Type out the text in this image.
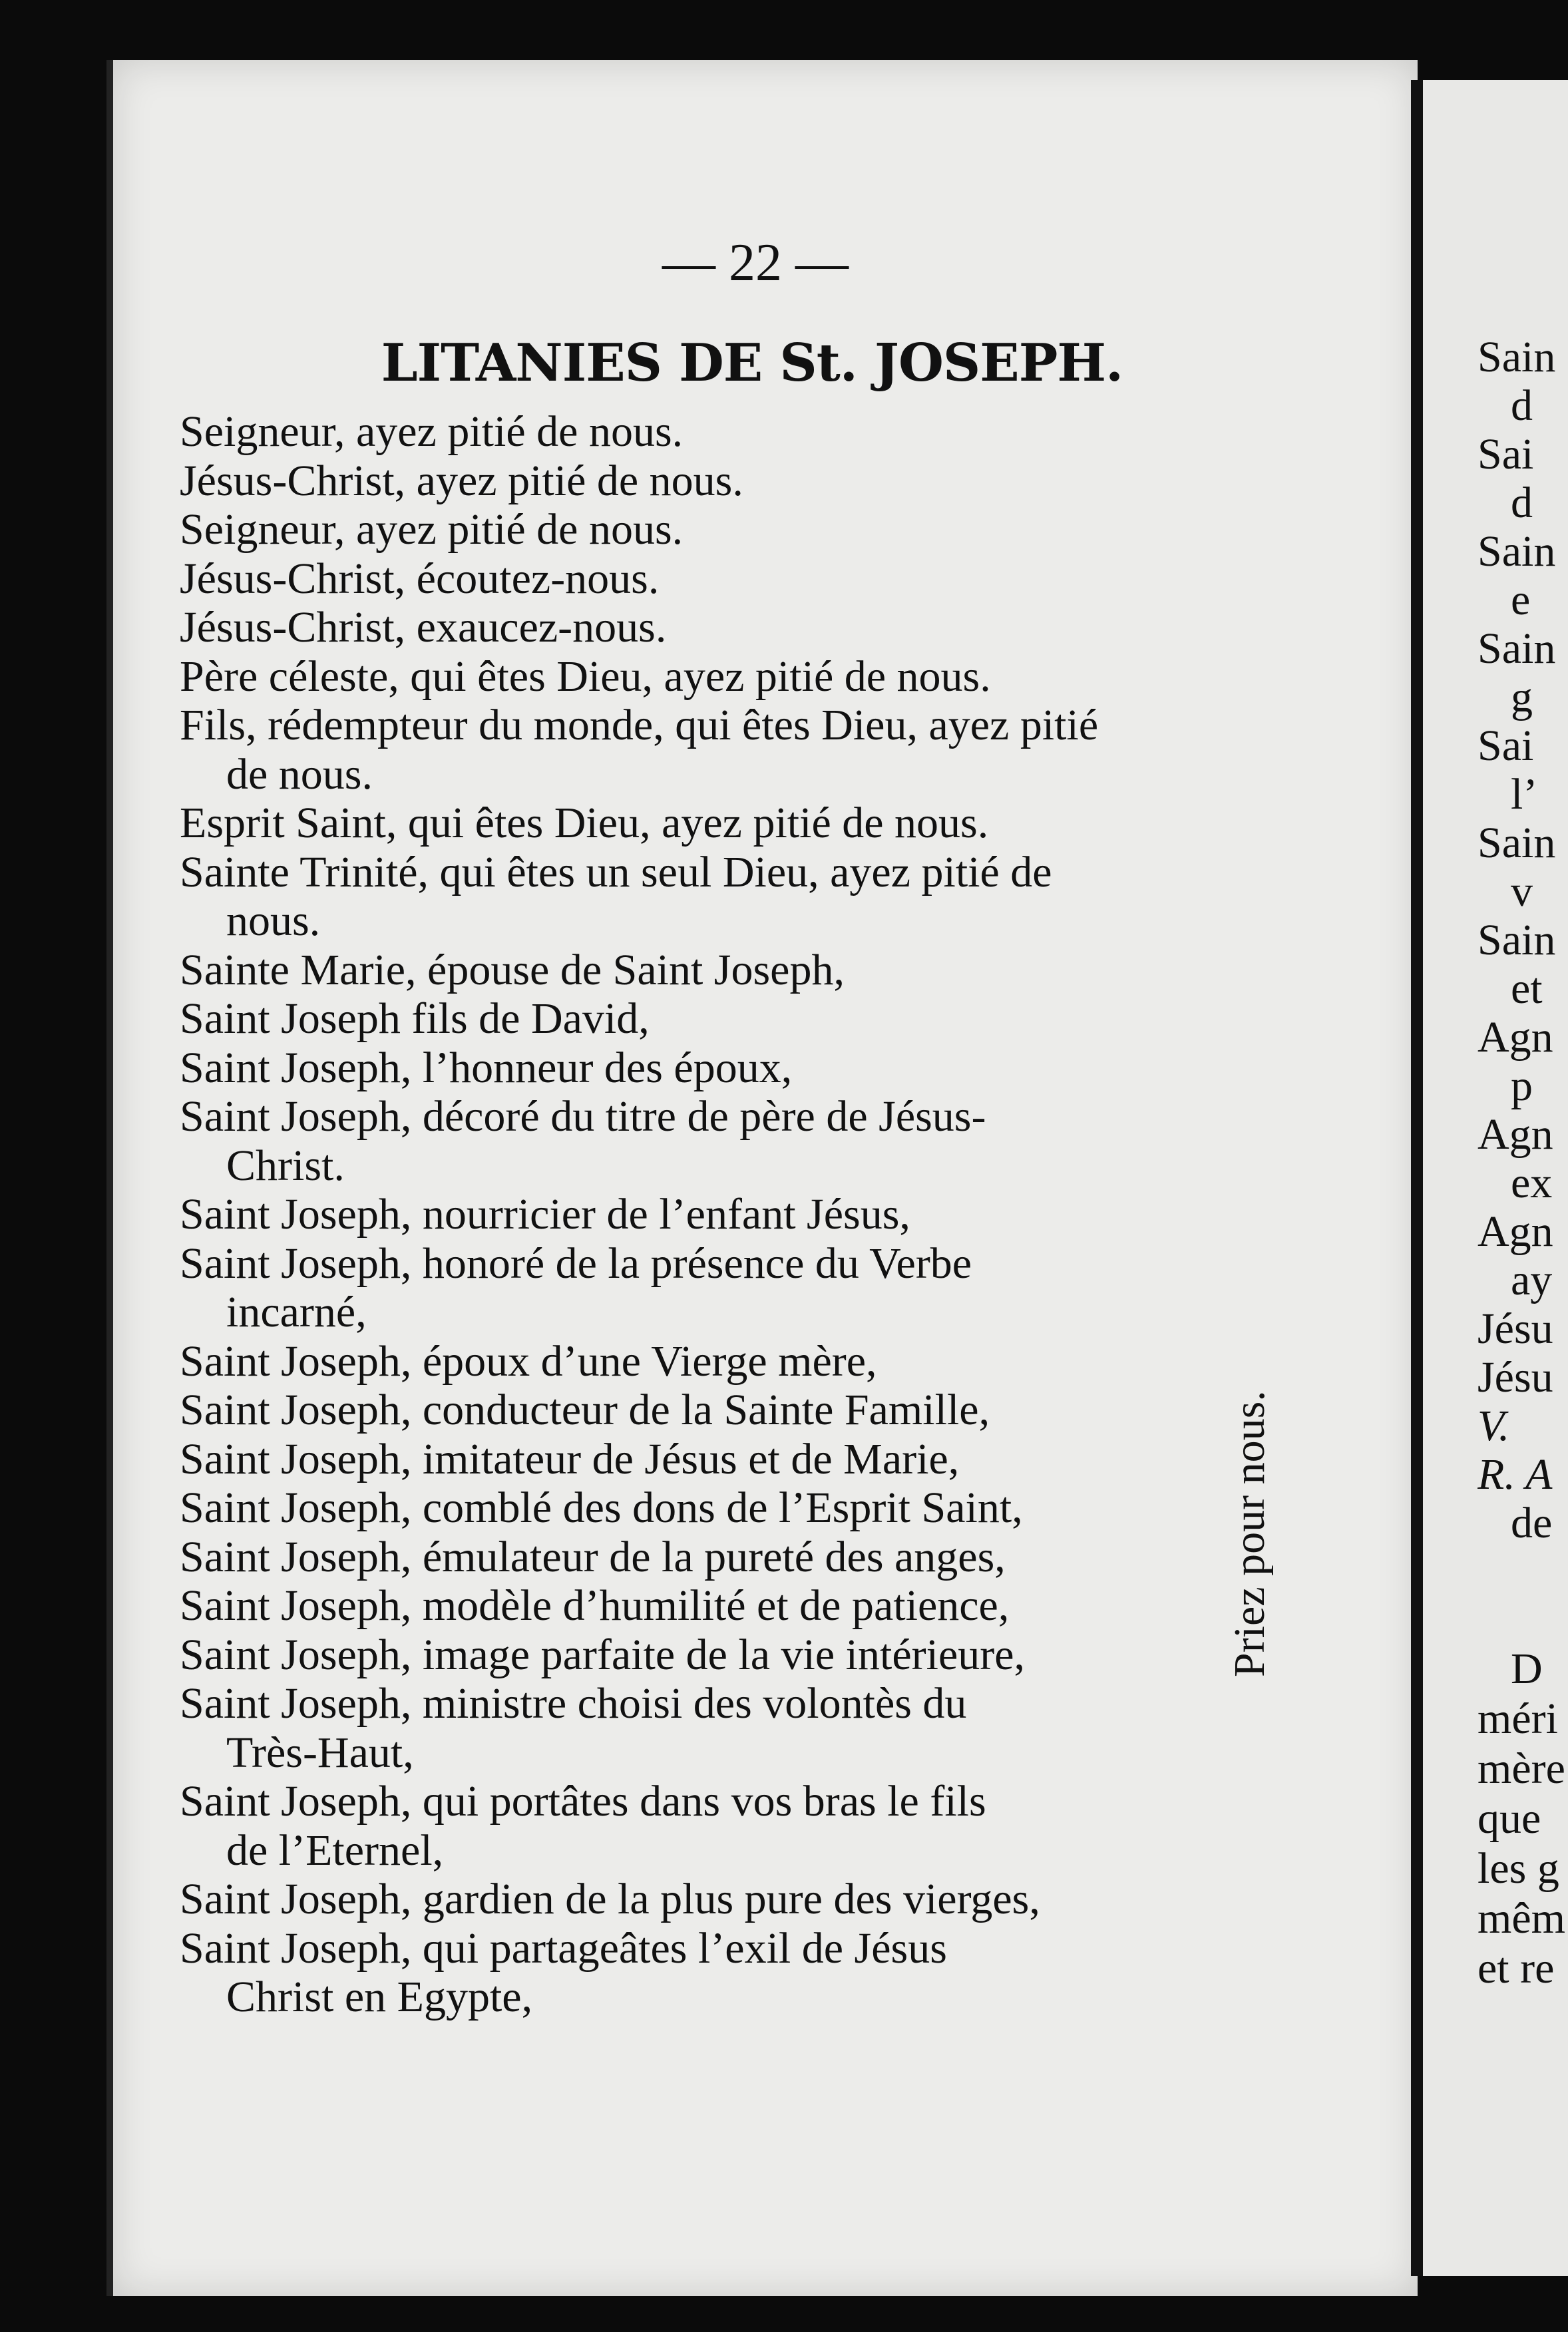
— 22 —
LITANIES DE St. JOSEPH.
Seigneur, ayez pitié de nous.
Jésus-Christ, ayez pitié de nous.
Seigneur, ayez pitié de nous.
Jésus-Christ, écoutez-nous.
Jésus-Christ, exaucez-nous.
Père céleste, qui êtes Dieu, ayez pitié de nous.
Fils, rédempteur du monde, qui êtes Dieu, ayez pitié
de nous.
Esprit Saint, qui êtes Dieu, ayez pitié de nous.
Sainte Trinité, qui êtes un seul Dieu, ayez pitié de
nous.
Sainte Marie, épouse de Saint Joseph,
Saint Joseph fils de David,
Saint Joseph, l’honneur des époux,
Saint Joseph, décoré du titre de père de Jésus-
Christ.
Saint Joseph, nourricier de l’enfant Jésus,
Saint Joseph, honoré de la présence du Verbe
incarné,
Saint Joseph, époux d’une Vierge mère,
Saint Joseph, conducteur de la Sainte Famille,
Saint Joseph, imitateur de Jésus et de Marie,
Saint Joseph, comblé des dons de l’Esprit Saint,
Saint Joseph, émulateur de la pureté des anges,
Saint Joseph, modèle d’humilité et de patience,
Saint Joseph, image parfaite de la vie intérieure,
Saint Joseph, ministre choisi des volontès du
Très-Haut,
Saint Joseph, qui portâtes dans vos bras le fils
de l’Eternel,
Saint Joseph, gardien de la plus pure des vierges,
Saint Joseph, qui partageâtes l’exil de Jésus
Christ en Egypte,
Priez pour nous.
Sain
d
Sai
d
Sain
e
Sain
g
Sai
l’
Sain
v
Sain
et
Agn
p
Agn
ex
Agn
ay
Jésu
Jésu
V.
R. A
de
D
méri
mère
que
les g
mêm
et re
